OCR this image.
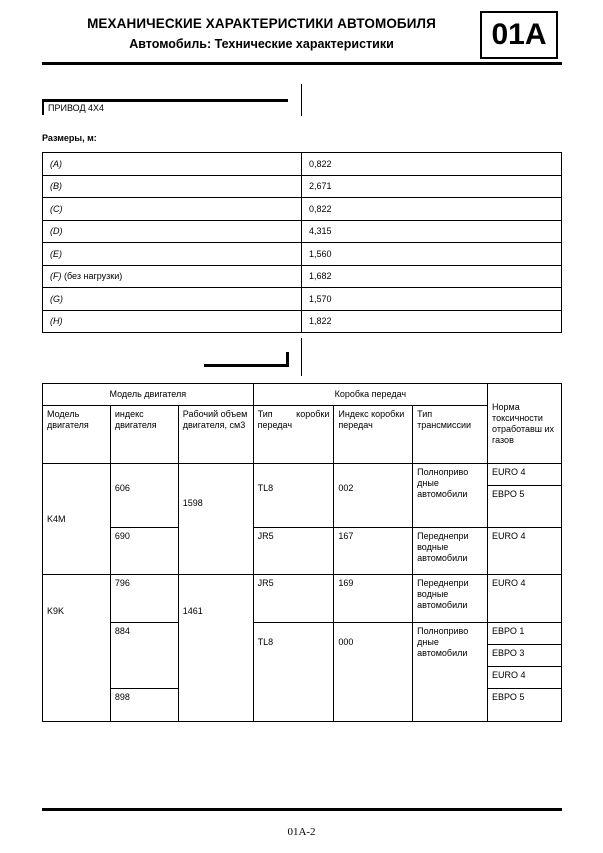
МЕХАНИЧЕСКИЕ ХАРАКТЕРИСТИКИ АВТОМОБИЛЯ
Автомобиль: Технические характеристики	01A
ПРИВОД 4X4
Размеры, м:
(A)	0,822
(B)	2,671
(C)	0,822
(D)	4,315
(E)	1,560
(F) (без нагрузки)	1,682
(G)	1,570
(H)	1,822
Модель двигателя			Коробка передач			Норма токсичности отработавш их газов
Модель двигателя	индекс двигателя	Рабочий объем двигателя, см3	Тип коробки передач	Индекс коробки передач	Тип трансмиссии	
K4M	606	1598	TL8	002	Полноприво дные автомобили	EURO 4
						ЕВРО 5
	690		JR5	167	Переднепри водные автомобили	EURO 4
K9K	796	1461	JR5	169	Переднепри водные автомобили	EURO 4
	884		TL8	000	Полноприво дные автомобили	ЕВРО 1
						ЕВРО 3
						EURO 4
	898					ЕВРО 5
01A-2
